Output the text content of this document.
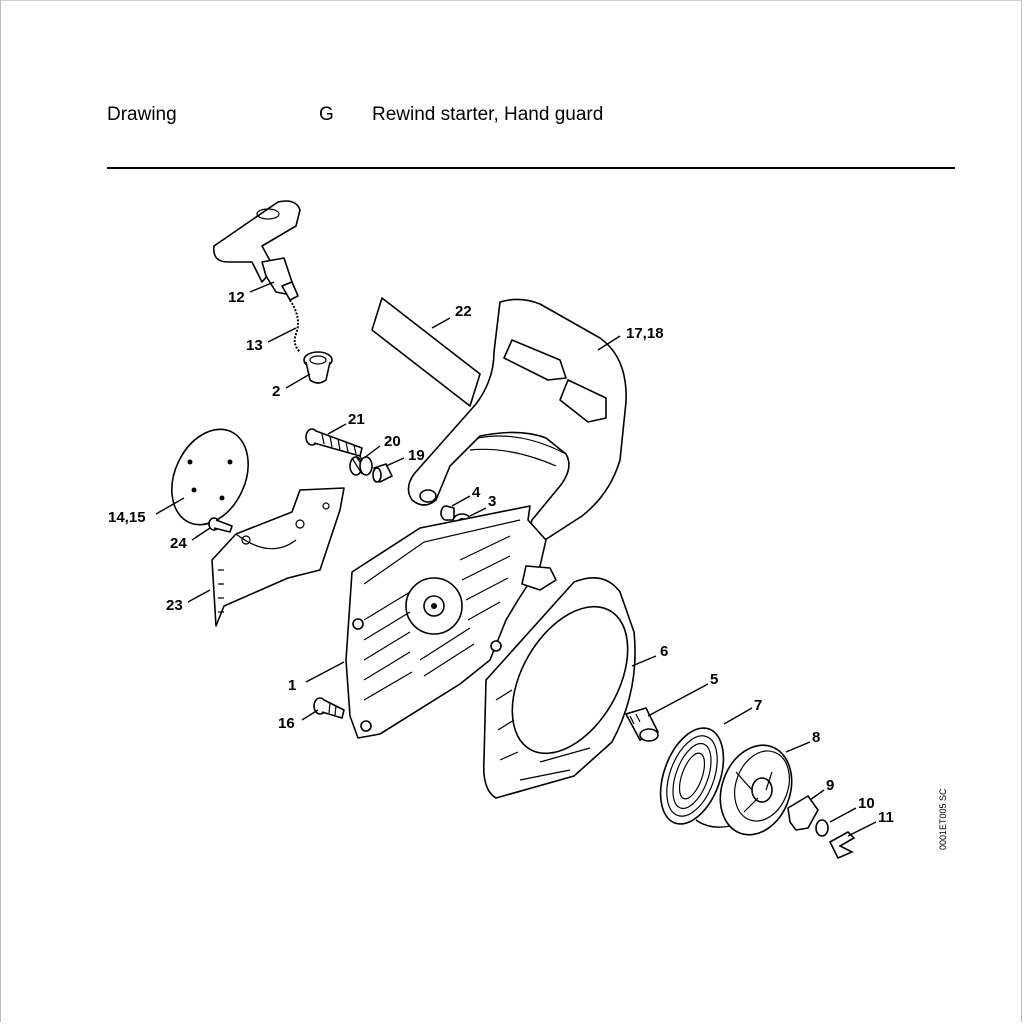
Drawing	G Rewind starter, Hand guard
12
13
2
22
17,18
21
20
19
4
3
14,15
24
23
1
16
6
5
7
8
9
10
11	0001ET005 SC
